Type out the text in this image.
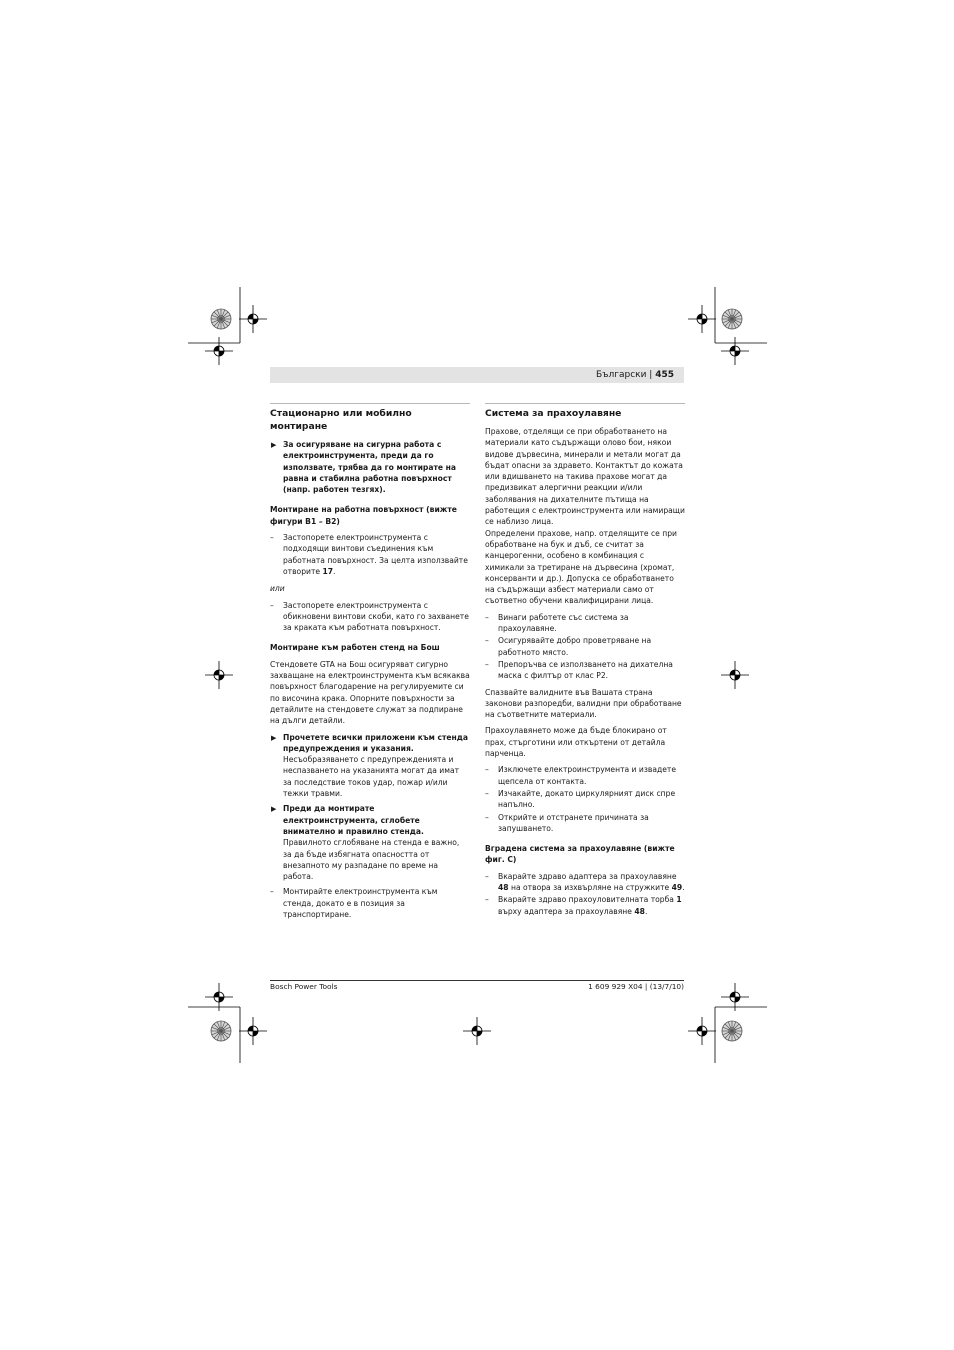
Български | 455
Стационарно или мобилно монтиране
▶ За осигуряване на сигурна работа с електроинструмента, преди да го използвате, трябва да го монтирате на равна и стабилна работна повърхност (напр. работен тезгях).
Монтиране на работна повърхност (вижте фигури B1 – B2)
– Застопорете електроинструмента с подходящи винтови съединения към работната повърхност. За целта използвайте отворите 17.
или
– Застопорете електроинструмента с обикновени винтови скоби, като го захванете за краката към работната повърхност.
Монтиране към работен стенд на Бош

Стендовете GTA на Бош осигуряват сигурно захващане на електроинструмента към всякаква повърхност благодарение на регулируемите си по височина крака. Опорните повърхности за детайлите на стендовете служат за подпиране на дълги детайли.

▶ Прочетете всички приложени към стенда предупреждения и указания.
Несъобразяването с предупрежденията и неспазването на указанията могат да имат за последствие токов удар, пожар и/или тежки травми.
▶ Преди да монтирате електроинструмента, сглобете внимателно и правилно стенда.
Правилното сглобяване на стенда е важно, за да бъде избягната опасността от внезапното му разпадане по време на работа.
– Монтирайте електроинструмента към стенда, докато е в позиция за транспортиране.
Система за прахоулавяне

Прахове, отделящи се при обработването на материали като съдържащи олово бои, някои видове дървесина, минерали и метали могат да бъдат опасни за здравето. Контактът до кожата или вдишването на такива прахове могат да предизвикат алергични реакции и/или заболявания на дихателните пътища на работещия с електроинструмента или намиращи се наблизо лица.

Определени прахове, напр. отделящите се при обработване на бук и дъб, се считат за канцерогенни, особено в комбинация с химикали за третиране на дървесина (хромат, консерванти и др.). Допуска се обработването на съдържащи азбест материали само от съответно обучени квалифицирани лица.

– Винаги работете със система за прахоулавяне.
– Осигурявайте добро проветряване на работното място.
– Препоръчва се използването на дихателна маска с филтър от клас P2.

Спазвайте валидните във Вашата страна законови разпоредби, валидни при обработване на съответните материали.

Прахоулавянето може да бъде блокирано от прах, стърготини или откъртени от детайла парченца.

– Изключете електроинструмента и извадете щепсела от контакта.
– Изчакайте, докато циркулярният диск спре напълно.
– Открийте и отстранете причината за запушването.
Вградена система за прахоулавяне (вижте фиг. C)
– Вкарайте здраво адаптера за прахоулавяне 48 на отвора за изхвърляне на стружките 49.
– Вкарайте здраво прахоуловителната торба 1 върху адаптера за прахоулавяне 48.
Bosch Power Tools	1 609 929 X04 | (13/7/10)
